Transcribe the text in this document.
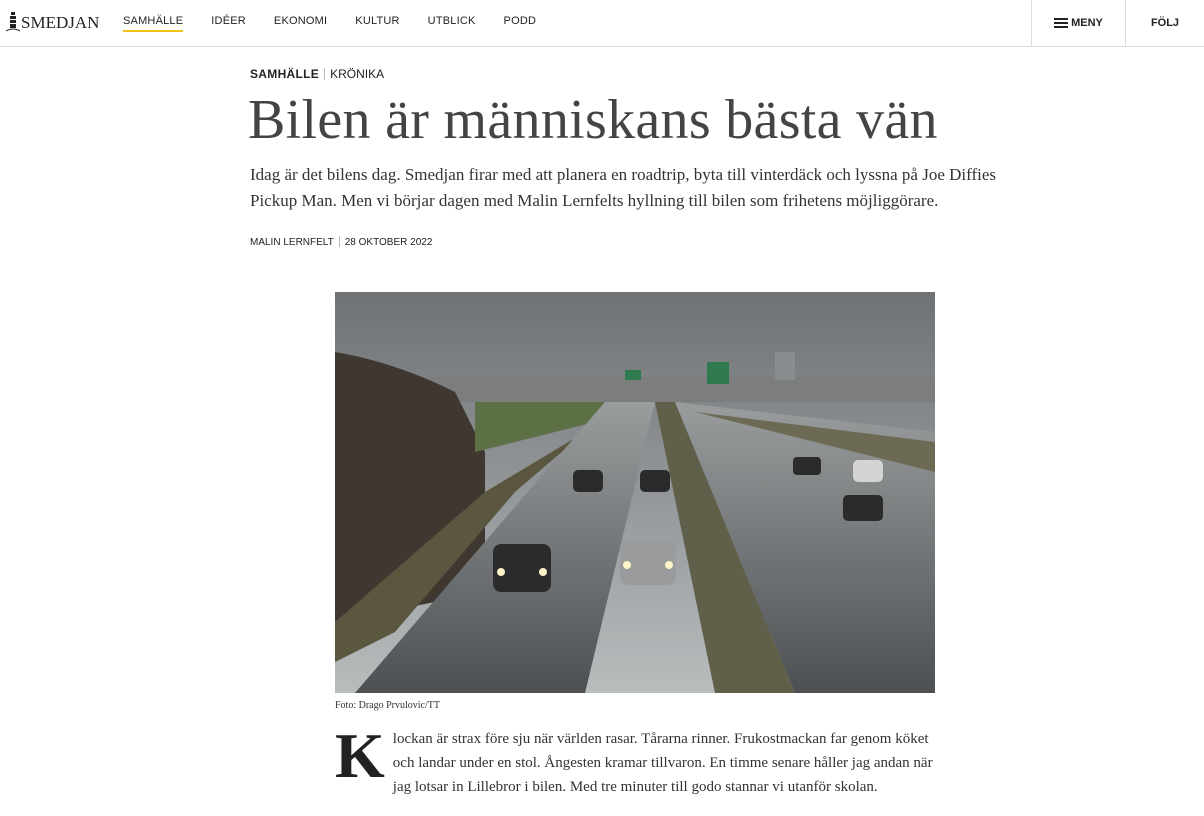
SMEDJAN SAMHÄLLE	IDÉER	EKONOMI	KULTUR	UTBLICK	PODD	MENY	FÖLJ
SAMHÄLLE KRÖNIKA
Bilen är människans bästa vän

Idag är det bilens dag. Smedjan firar med att planera en roadtrip, byta till vinterdäck och lyssna på Joe Diffies Pickup Man. Men vi börjar dagen med Malin Lernfelts hyllning till bilen som frihetens möjliggörare.

MALIN LERNFELT 28 OKTOBER 2022
Foto: Drago Prvulovic/TT
Klockan är strax före sju när världen rasar. Tårarna rinner. Frukostmackan far genom köket och landar under en stol. Ångesten kramar tillvaron. En timme senare håller jag andan när jag lotsar in Lillebror i bilen. Med tre minuter till godo stannar vi utanför skolan.
